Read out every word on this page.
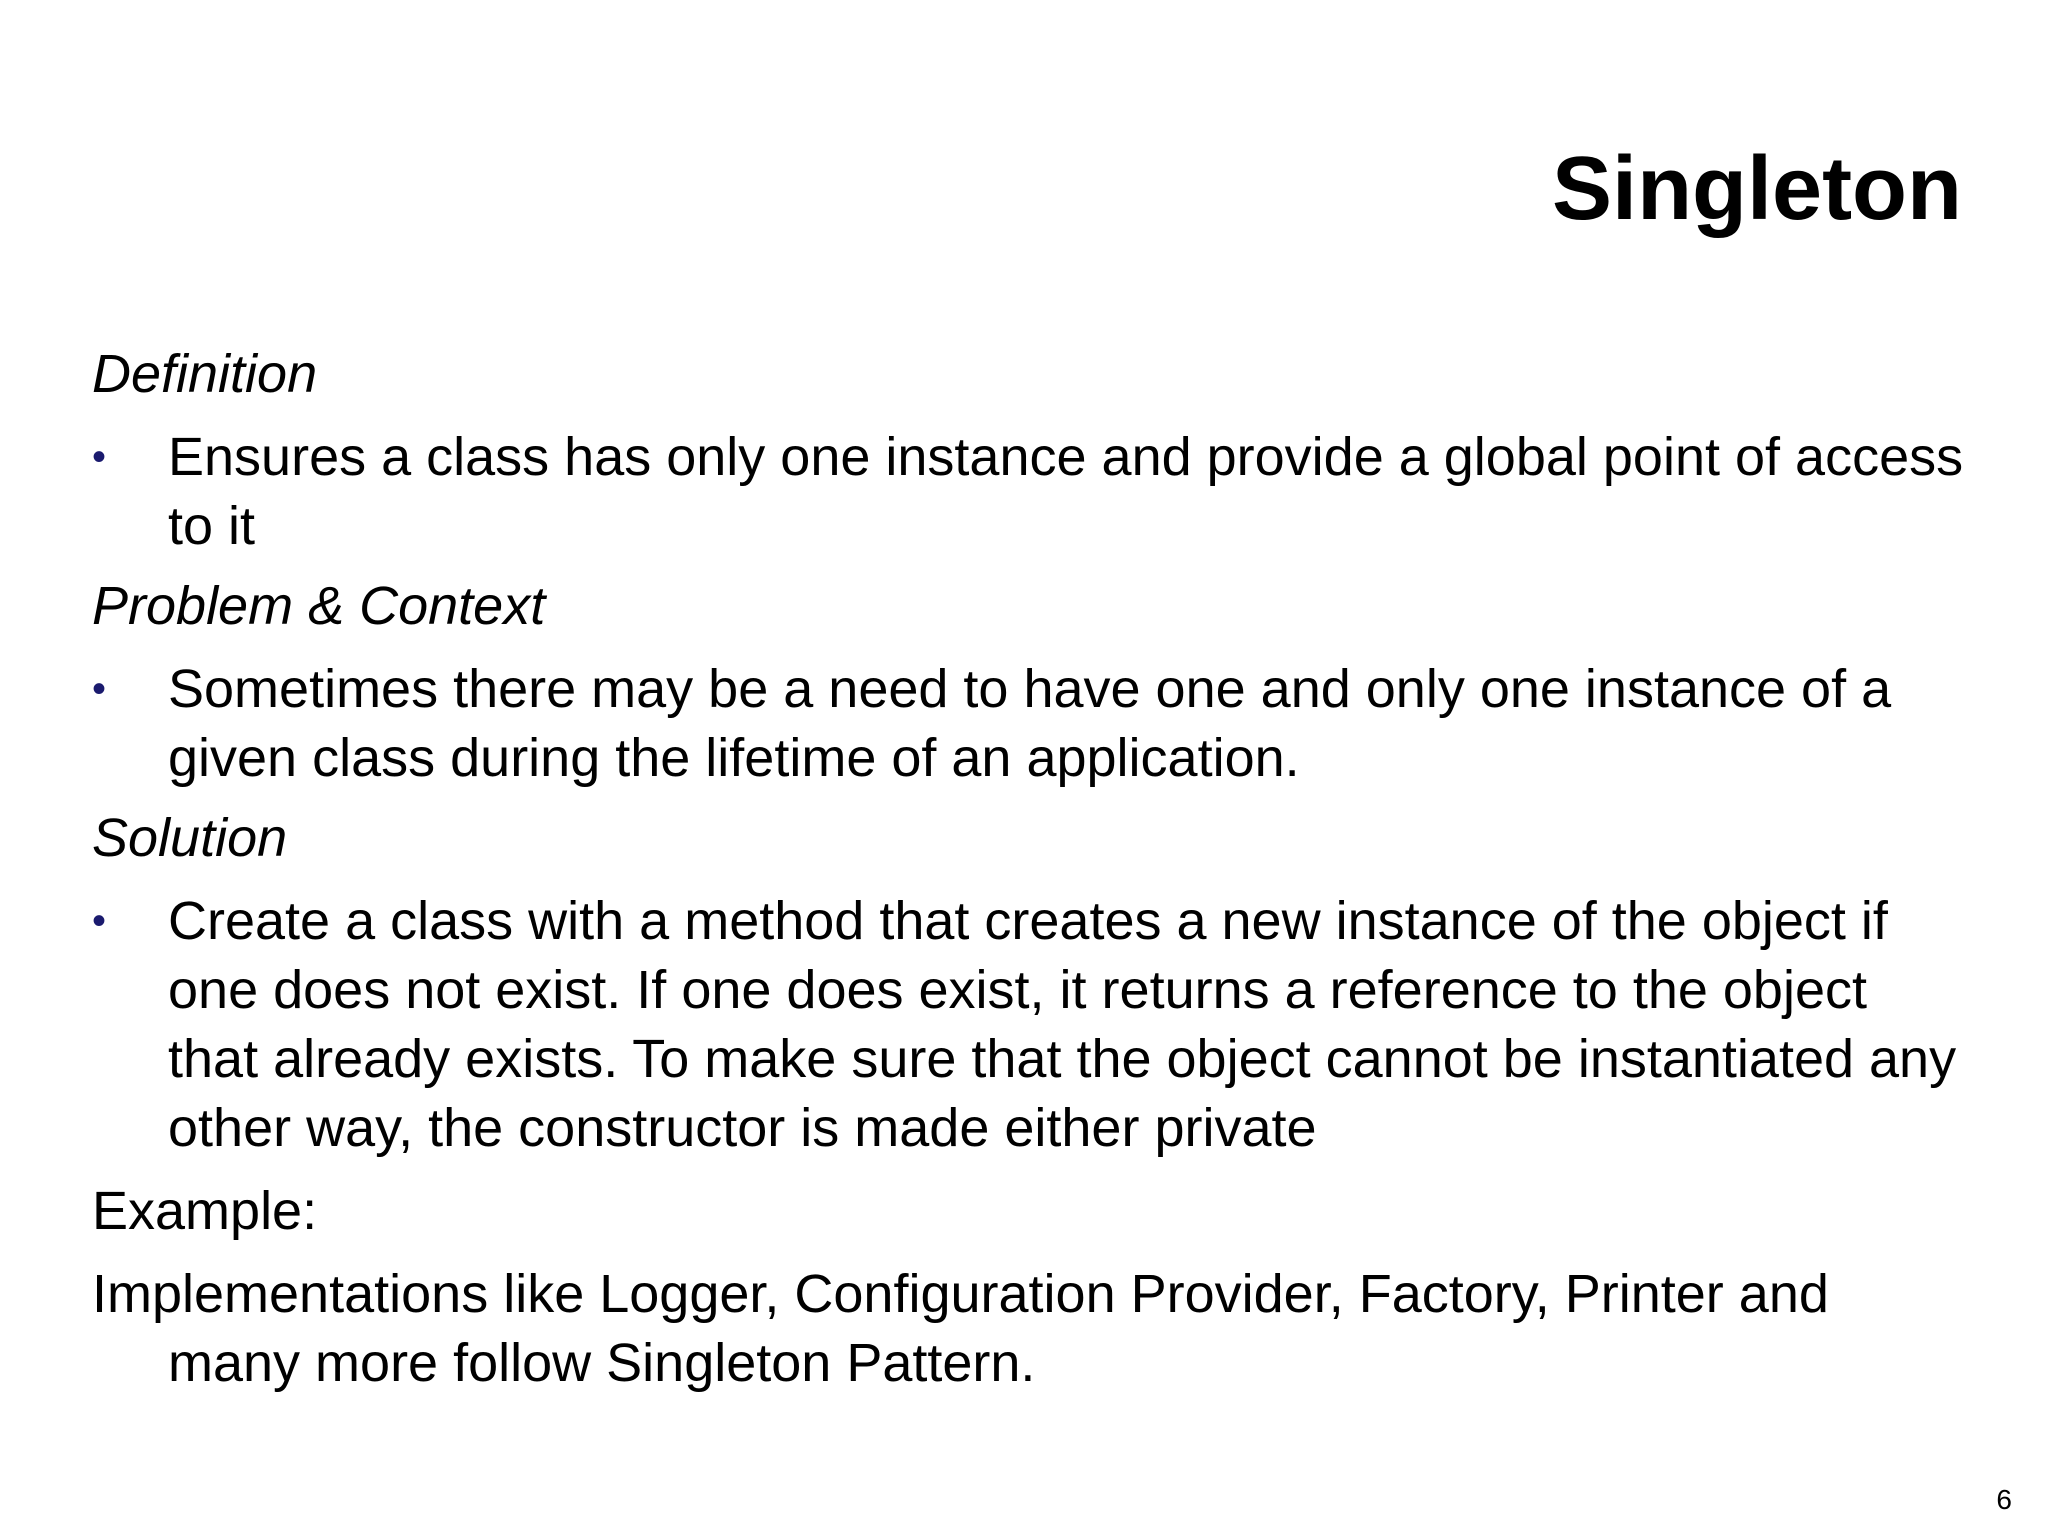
Singleton
Definition
•	Ensures a class has only one instance and provide a global point of access to it
Problem & Context
•	Sometimes there may be a need to have one and only one instance of a given class during the lifetime of an application.
Solution
•	Create a class with a method that creates a new instance of the object if one does not exist. If one does exist, it returns a reference to the object that already exists. To make sure that the object cannot be instantiated any other way, the constructor is made either private
Example:
Implementations like Logger, Configuration Provider, Factory, Printer and many more follow Singleton Pattern.
6
